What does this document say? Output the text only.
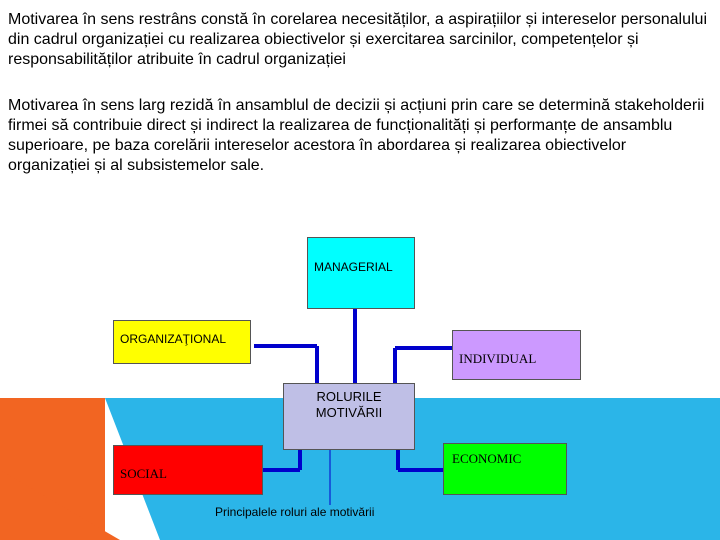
Motivarea în sens restrâns constă în corelarea necesităților, a aspirațiilor și intereselor personalului din cadrul organizației cu realizarea obiectivelor și exercitarea sarcinilor, competențelor și responsabilităților atribuite în cadrul organizației

Motivarea în sens larg rezidă în ansamblul de decizii și acțiuni prin care se determină stakeholderii firmei să contribuie direct și indirect la realizarea de funcționalități și performanțe de ansamblu superioare, pe baza corelării intereselor acestora în abordarea și realizarea obiectivelor organizației și al subsistemelor sale.

MANAGERIAL
ORGANIZAŢIONAL
INDIVIDUAL
ROLURILE
MOTIVĂRII
SOCIAL
ECONOMIC
Principalele roluri ale motivării
